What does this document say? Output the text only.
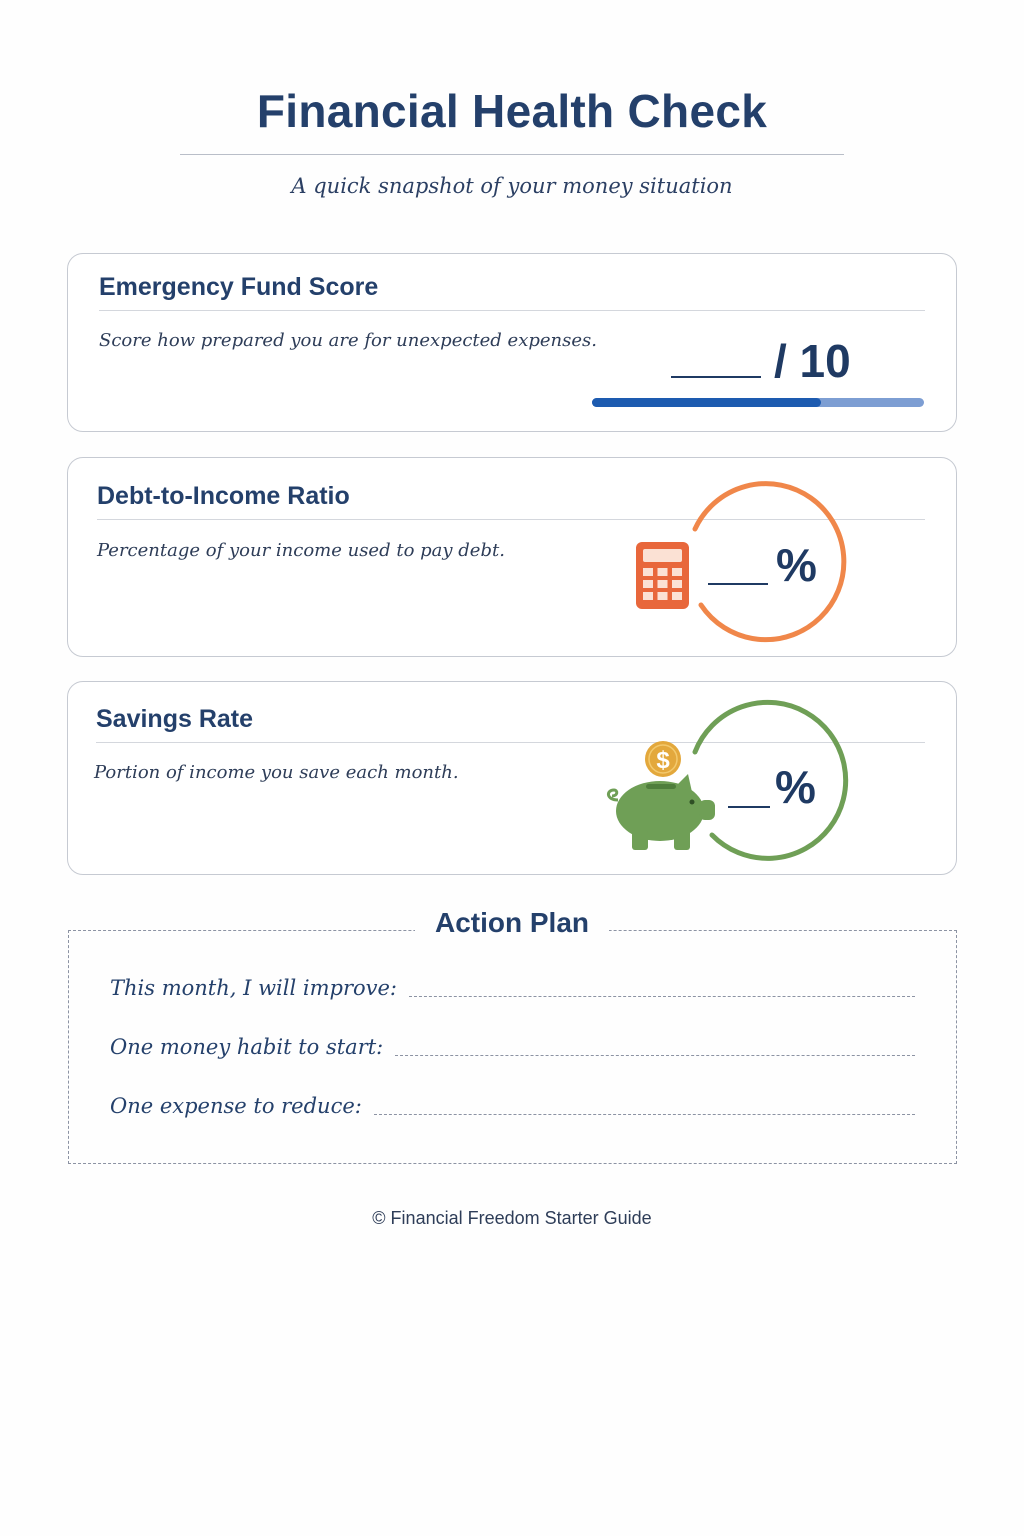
Financial Health Check
A quick snapshot of your money situation
Emergency Fund Score
Score how prepared you are for unexpected expenses.	/ 10
Debt-to-Income Ratio
Percentage of your income used to pay debt.	%
Savings Rate
Portion of income you save each month.	$
%
Action Plan
This month, I will improve:
One money habit to start:
One expense to reduce:
© Financial Freedom Starter Guide
